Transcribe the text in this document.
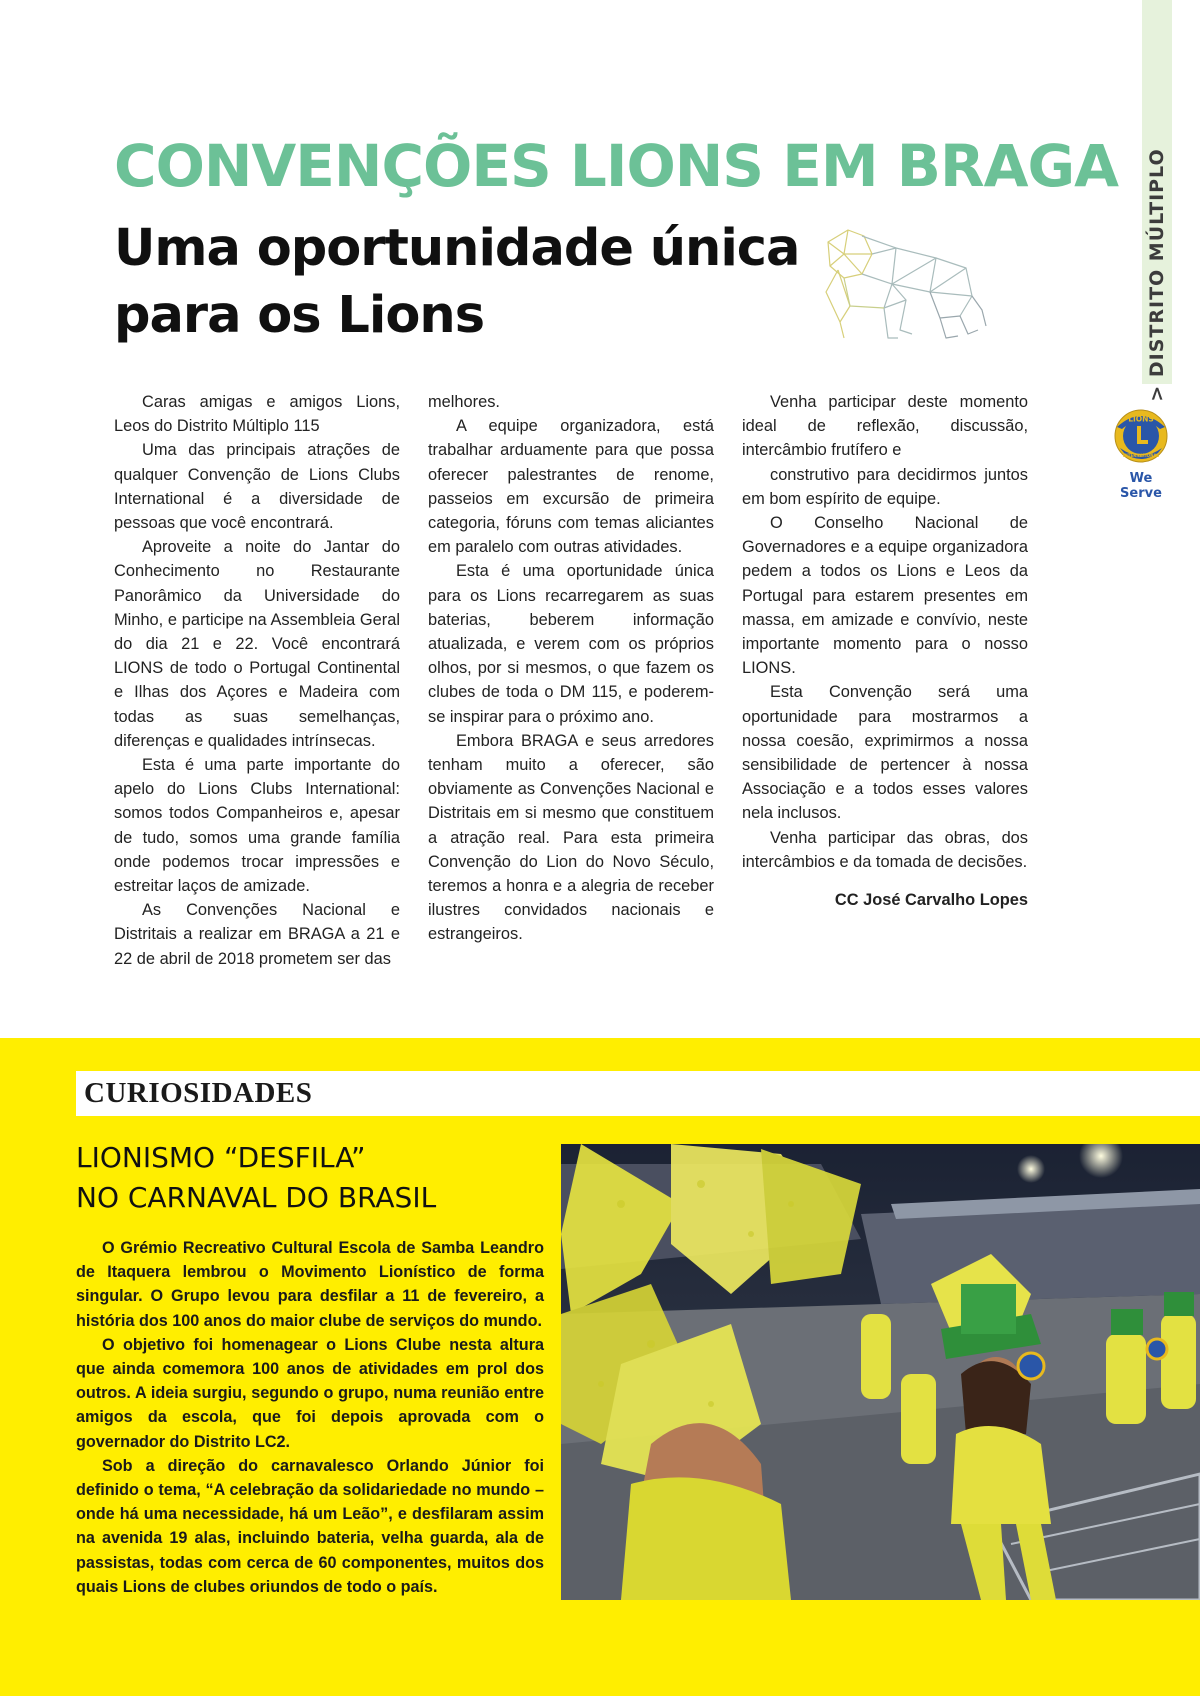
> DISTRITO MÚLTIPLO
LIONS
INTERNATIONAL
We Serve
CONVENÇÕES LIONS EM BRAGA
Uma oportunidade única
para os Lions

Caras amigas e amigos Lions, Leos do Distrito Múltiplo 115

Uma das principais atrações de qualquer Convenção de Lions Clubs International é a diversidade de pessoas que você encontrará.

Aproveite a noite do Jantar do Conhecimento no Restaurante Panorâmico da Universidade do Minho, e participe na Assembleia Geral do dia 21 e 22. Você encontrará LIONS de todo o Portugal Continental e Ilhas dos Açores e Madeira com todas as suas semelhanças, diferenças e qualidades intrínsecas.

Esta é uma parte importante do apelo do Lions Clubs International: somos todos Companheiros e, apesar de tudo, somos uma grande família onde podemos trocar impressões e estreitar laços de amizade.

As Convenções Nacional e Distritais a realizar em BRAGA a 21 e 22 de abril de 2018 prometem ser das

melhores.

A equipe organizadora, está trabalhar arduamente para que possa oferecer palestrantes de renome, passeios em excursão de primeira categoria, fóruns com temas aliciantes em paralelo com outras atividades.

Esta é uma oportunidade única para os Lions recarregarem as suas baterias, beberem informação atualizada, e verem com os próprios olhos, por si mesmos, o que fazem os clubes de toda o DM 115, e poderem-se inspirar para o próximo ano.

Embora BRAGA e seus arredores tenham muito a oferecer, são obviamente as Convenções Nacional e Distritais em si mesmo que constituem a atração real. Para esta primeira Convenção do Lion do Novo Século, teremos a honra e a alegria de receber ilustres convidados nacionais e estrangeiros.

Venha participar deste momento ideal de reflexão, discussão, intercâmbio frutífero e

construtivo para decidirmos juntos em bom espírito de equipe.

O Conselho Nacional de Governadores e a equipe organizadora pedem a todos os Lions e Leos da Portugal para estarem presentes em massa, em amizade e convívio, neste importante momento para o nosso LIONS.

Esta Convenção será uma oportunidade para mostrarmos a nossa coesão, exprimirmos a nossa sensibilidade de pertencer à nossa Associação e a todos esses valores nela inclusos.

Venha participar das obras, dos intercâmbios e da tomada de decisões.

CC José Carvalho Lopes

CURIOSIDADES
LIONISMO “DESFILA”
NO CARNAVAL DO BRASIL

O Grémio Recreativo Cultural Escola de Samba Leandro de Itaquera lembrou o Movimento Lionístico de forma singular. O Grupo levou para desfilar a 11 de fevereiro, a história dos 100 anos do maior clube de serviços do mundo.

O objetivo foi homenagear o Lions Clube nesta altura que ainda comemora 100 anos de atividades em prol dos outros. A ideia surgiu, segundo o grupo, numa reunião entre amigos da escola, que foi depois aprovada com o governador do Distrito LC2.

Sob a direção do carnavalesco Orlando Júnior foi definido o tema, “A celebração da solidariedade no mundo – onde há uma necessidade, há um Leão”, e desfilaram assim na avenida 19 alas, incluindo bateria, velha guarda, ala de passistas, todas com cerca de 60 componentes, muitos dos quais Lions de clubes oriundos de todo o país.
